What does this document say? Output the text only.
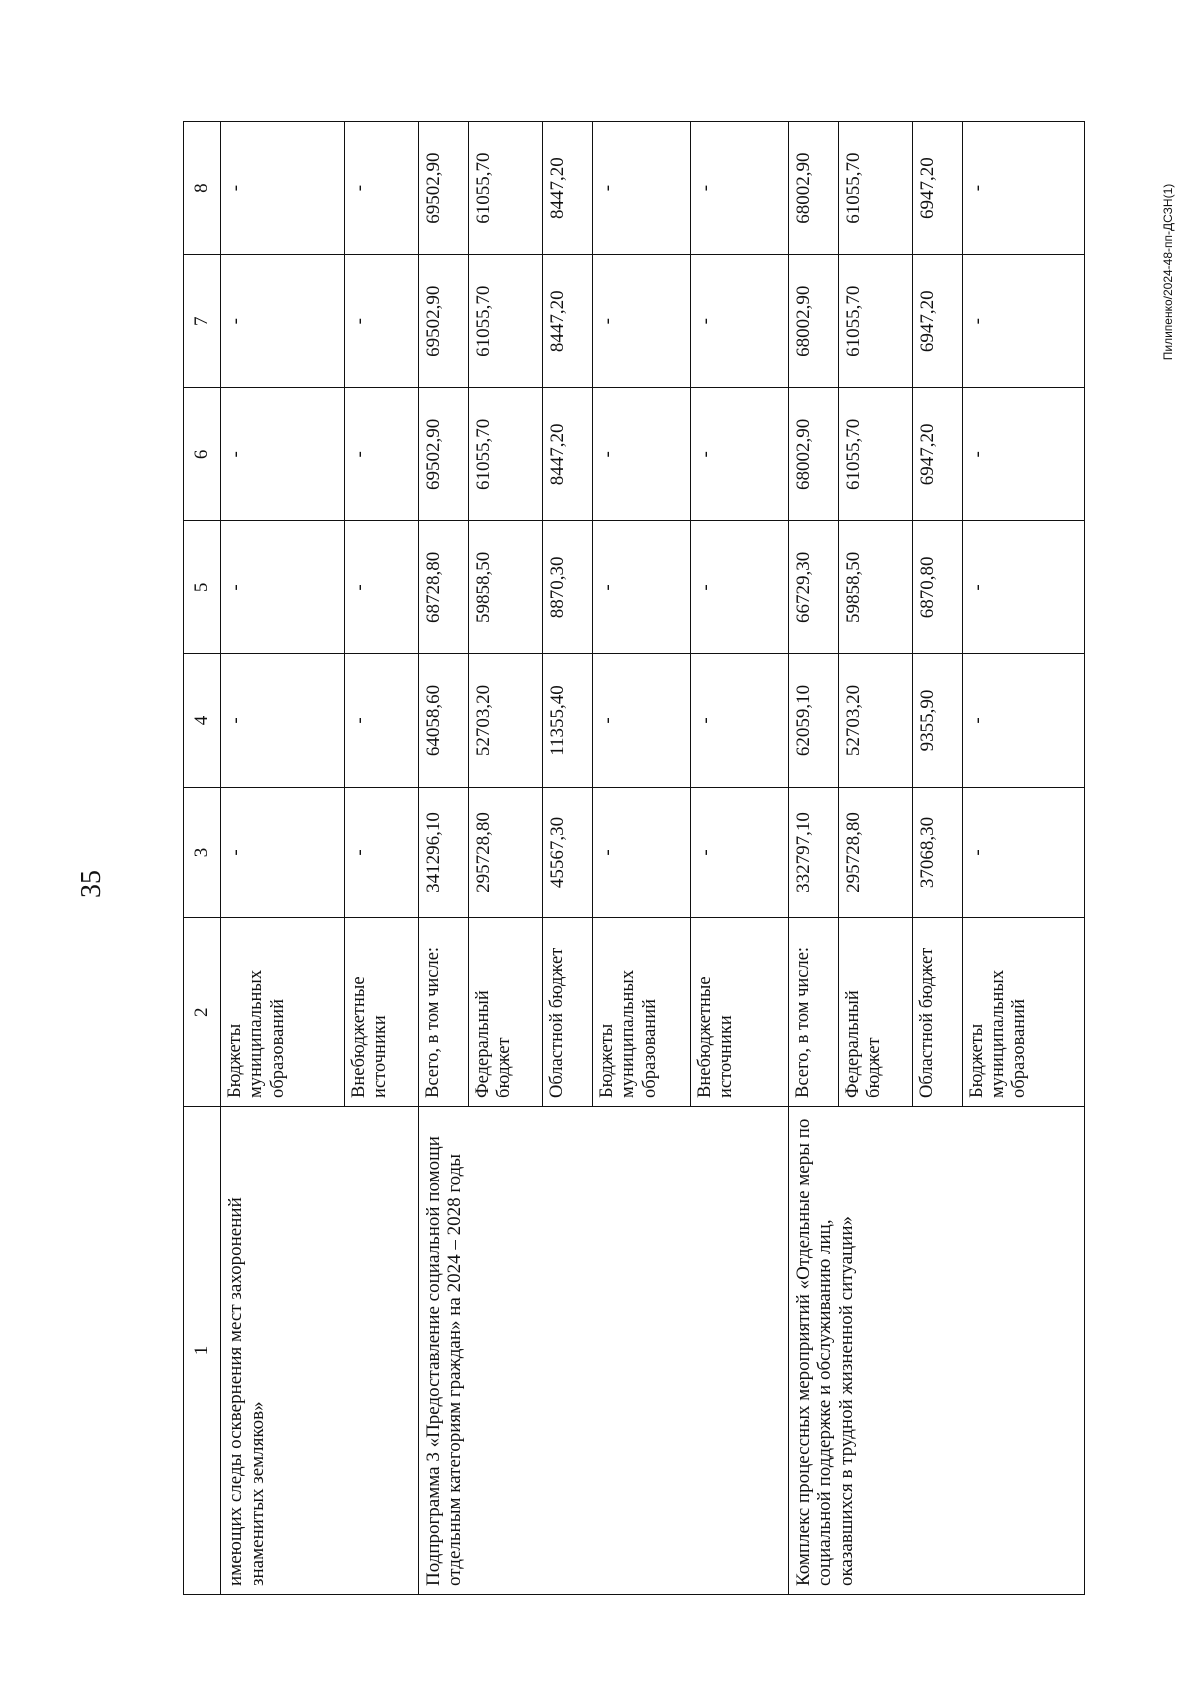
35
Пилипенко/2024-48-пп-ДСЗН(1)
1	2	3	4	5	6	7	8
имеющих следы осквернения мест захоронений знаменитых земляков»	Бюджеты муниципальных образований	-	-	-	-	-	-
	Внебюджетные источники	-	-	-	-	-	-
Подпрограмма 3 «Предоставление социальной помощи отдельным категориям граждан» на 2024 – 2028 годы	Всего, в том числе:	341296,10	64058,60	68728,80	69502,90	69502,90	69502,90
	Федеральный бюджет	295728,80	52703,20	59858,50	61055,70	61055,70	61055,70
	Областной бюджет	45567,30	11355,40	8870,30	8447,20	8447,20	8447,20
	Бюджеты муниципальных образований	-	-	-	-	-	-
	Внебюджетные источники	-	-	-	-	-	-
Комплекс процессных мероприятий «Отдельные меры по социальной поддержке и обслуживанию лиц, оказавшихся в трудной жизненной ситуации»	Всего, в том числе:	332797,10	62059,10	66729,30	68002,90	68002,90	68002,90
	Федеральный бюджет	295728,80	52703,20	59858,50	61055,70	61055,70	61055,70
	Областной бюджет	37068,30	9355,90	6870,80	6947,20	6947,20	6947,20
	Бюджеты муниципальных образований	-	-	-	-	-	-
